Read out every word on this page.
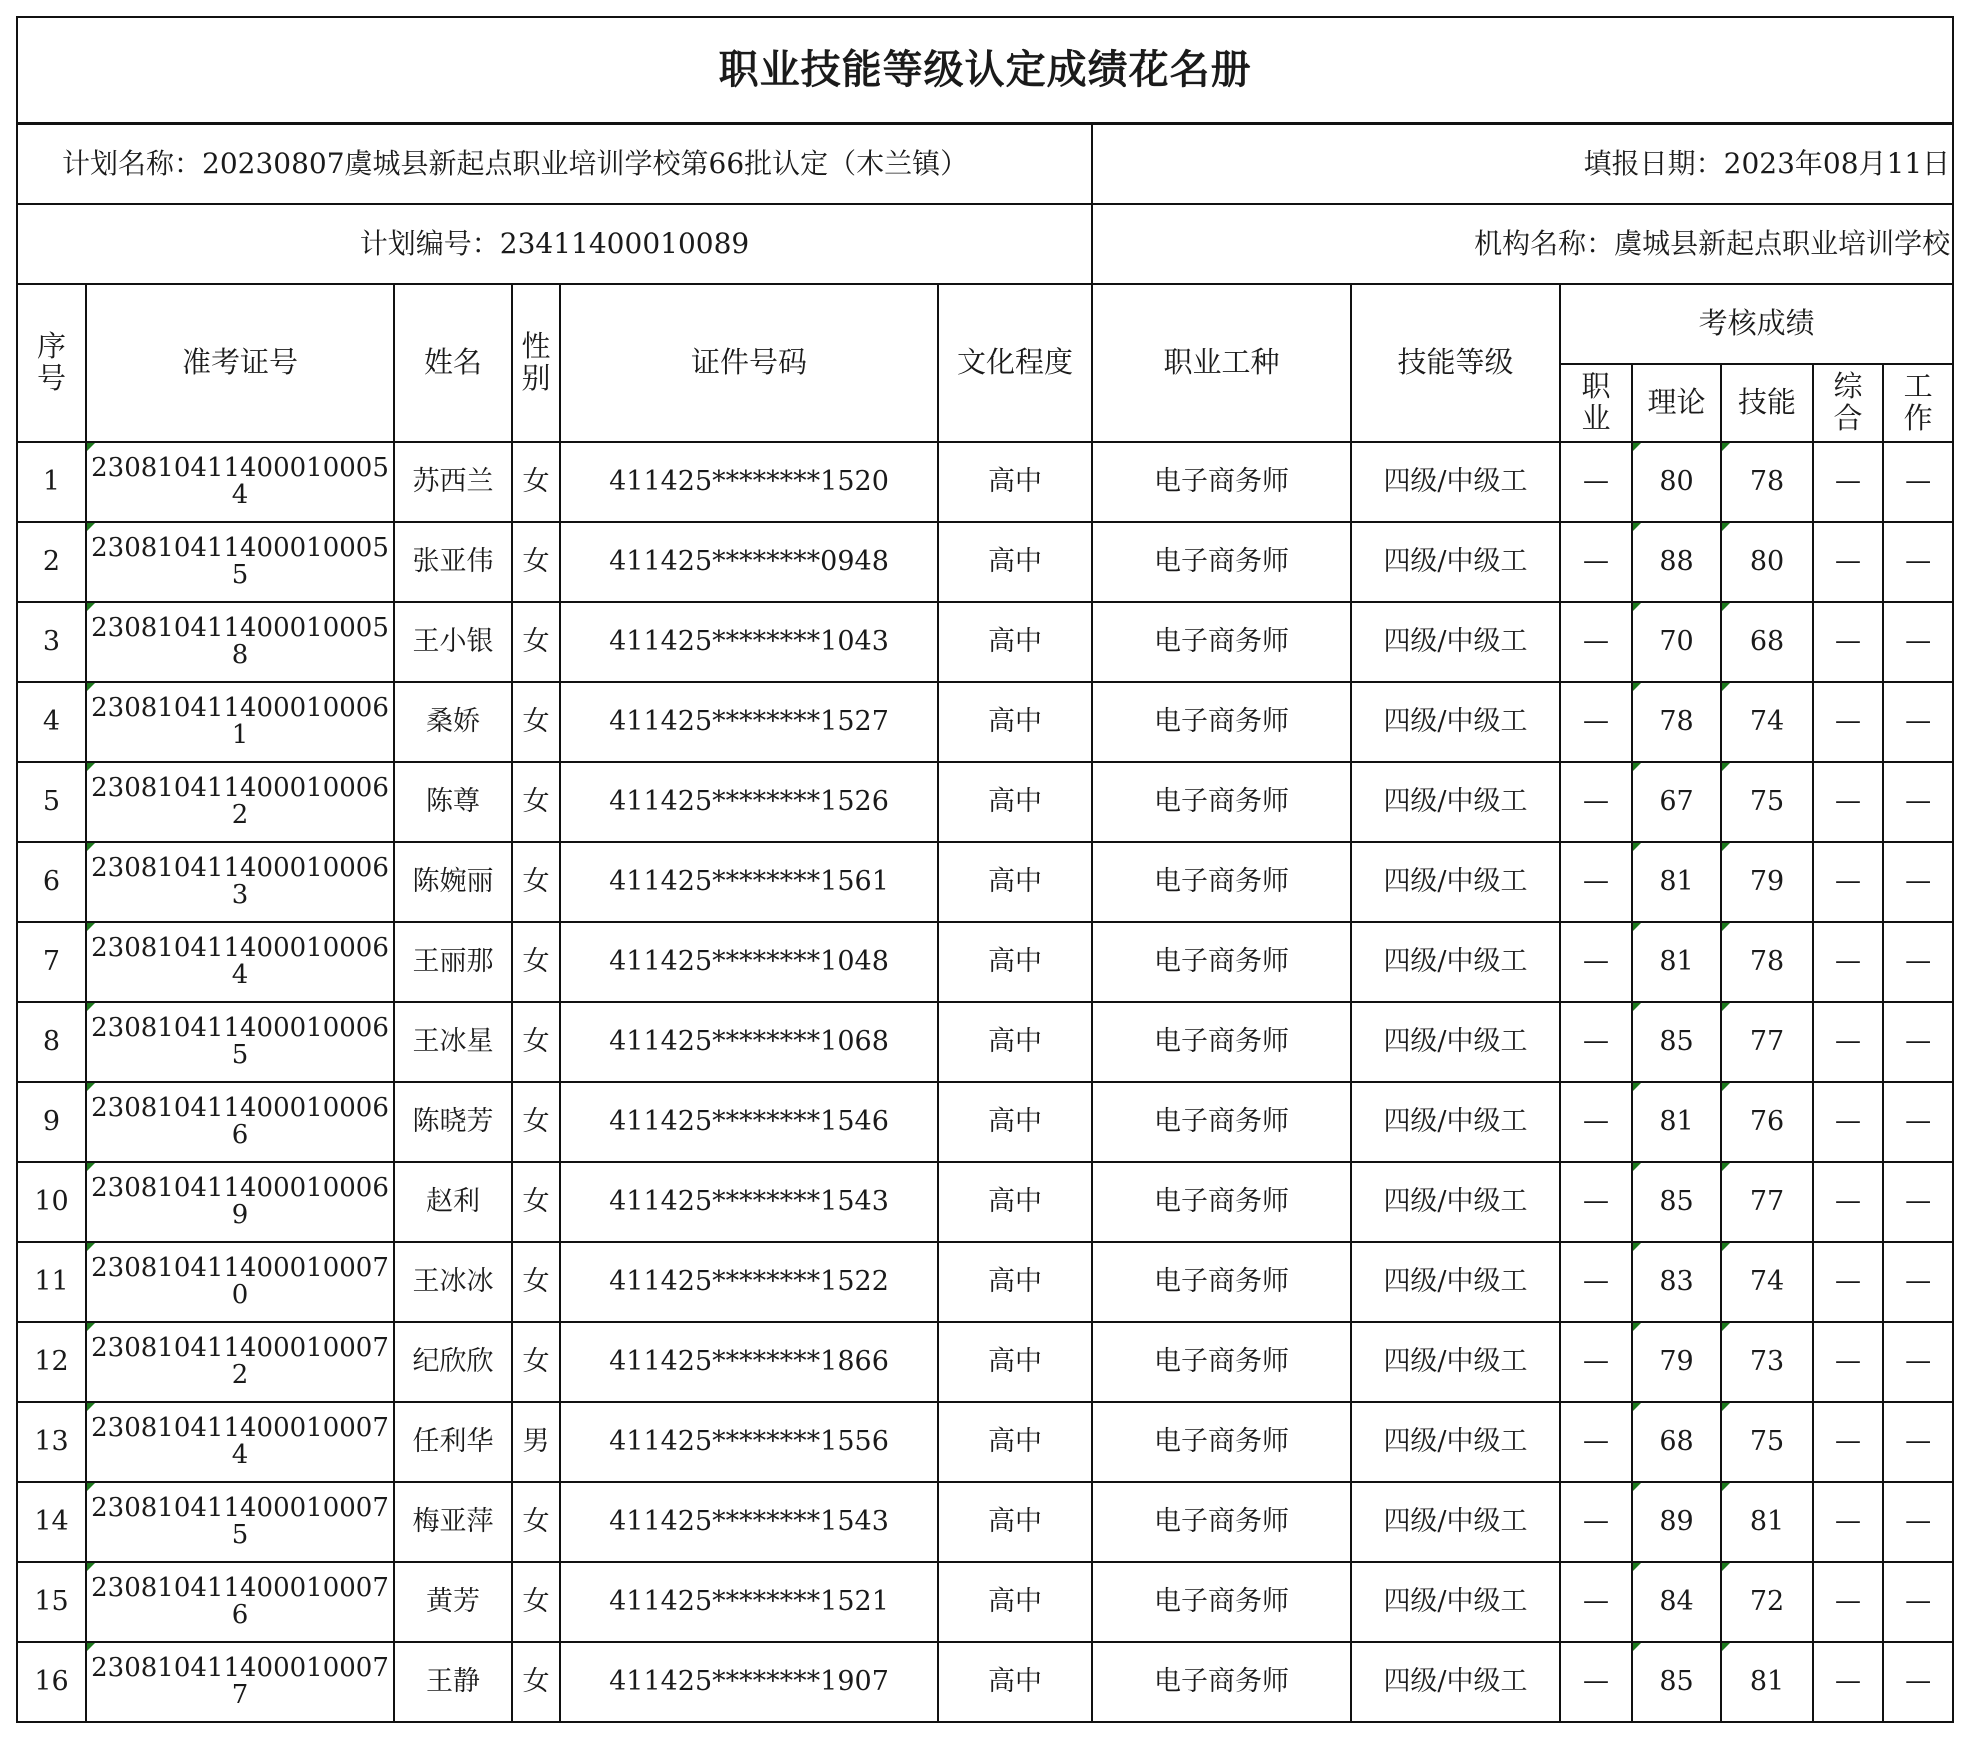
职业技能等级认定成绩花名册												
计划名称：20230807虞城县新起点职业培训学校第66批认定（木兰镇）						填报日期：2023年08月11日						
计划编号：23411400010089						机构名称：虞城县新起点职业培训学校						
序号	准考证号	姓名	性别	证件号码	文化程度	职业工种	技能等级	考核成绩				
								职业	理论	技能	综合	工作
1	2308104114000100054	苏西兰	女	411425********1520	高中	电子商务师	四级/中级工	—	80	78	—	—
2	2308104114000100055	张亚伟	女	411425********0948	高中	电子商务师	四级/中级工	—	88	80	—	—
3	2308104114000100058	王小银	女	411425********1043	高中	电子商务师	四级/中级工	—	70	68	—	—
4	2308104114000100061	桑娇	女	411425********1527	高中	电子商务师	四级/中级工	—	78	74	—	—
5	2308104114000100062	陈尊	女	411425********1526	高中	电子商务师	四级/中级工	—	67	75	—	—
6	2308104114000100063	陈婉丽	女	411425********1561	高中	电子商务师	四级/中级工	—	81	79	—	—
7	2308104114000100064	王丽那	女	411425********1048	高中	电子商务师	四级/中级工	—	81	78	—	—
8	2308104114000100065	王冰星	女	411425********1068	高中	电子商务师	四级/中级工	—	85	77	—	—
9	2308104114000100066	陈晓芳	女	411425********1546	高中	电子商务师	四级/中级工	—	81	76	—	—
10	2308104114000100069	赵利	女	411425********1543	高中	电子商务师	四级/中级工	—	85	77	—	—
11	2308104114000100070	王冰冰	女	411425********1522	高中	电子商务师	四级/中级工	—	83	74	—	—
12	2308104114000100072	纪欣欣	女	411425********1866	高中	电子商务师	四级/中级工	—	79	73	—	—
13	2308104114000100074	任利华	男	411425********1556	高中	电子商务师	四级/中级工	—	68	75	—	—
14	2308104114000100075	梅亚萍	女	411425********1543	高中	电子商务师	四级/中级工	—	89	81	—	—
15	2308104114000100076	黄芳	女	411425********1521	高中	电子商务师	四级/中级工	—	84	72	—	—
16	2308104114000100077	王静	女	411425********1907	高中	电子商务师	四级/中级工	—	85	81	—	—
